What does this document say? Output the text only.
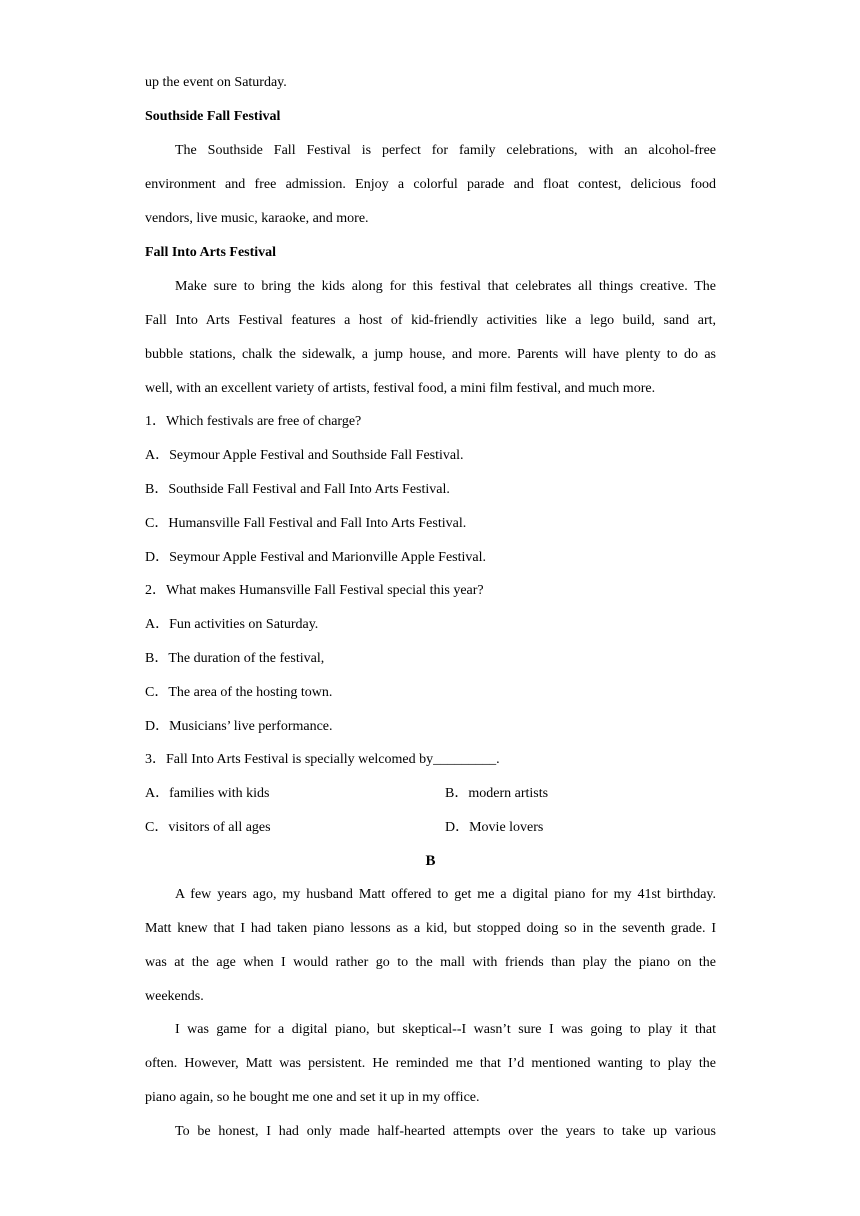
up the event on Saturday.
Southside Fall Festival
The Southside Fall Festival is perfect for family celebrations, with an alcohol-free
environment and free admission. Enjoy a colorful parade and float contest, delicious food
vendors, live music, karaoke, and more.
Fall Into Arts Festival
Make sure to bring the kids along for this festival that celebrates all things creative. The
Fall Into Arts Festival features a host of kid-friendly activities like a lego build, sand art,
bubble stations, chalk the sidewalk, a jump house, and more. Parents will have plenty to do as
well, with an excellent variety of artists, festival food, a mini film festival, and much more.
1．Which festivals are free of charge?
A．Seymour Apple Festival and Southside Fall Festival.
B．Southside Fall Festival and Fall Into Arts Festival.
C．Humansville Fall Festival and Fall Into Arts Festival.
D．Seymour Apple Festival and Marionville Apple Festival.
2．What makes Humansville Fall Festival special this year?
A．Fun activities on Saturday.
B．The duration of the festival,
C．The area of the hosting town.
D．Musicians’ live performance.
3．Fall Into Arts Festival is specially welcomed by_________.
A．families with kids	B．modern artists
C．visitors of all ages	D．Movie lovers
B
A few years ago, my husband Matt offered to get me a digital piano for my 41st birthday.
Matt knew that I had taken piano lessons as a kid, but stopped doing so in the seventh grade. I
was at the age when I would rather go to the mall with friends than play the piano on the
weekends.
I was game for a digital piano, but skeptical--I wasn’t sure I was going to play it that
often. However, Matt was persistent. He reminded me that I’d mentioned wanting to play the
piano again, so he bought me one and set it up in my office.
To be honest, I had only made half-hearted attempts over the years to take up various
